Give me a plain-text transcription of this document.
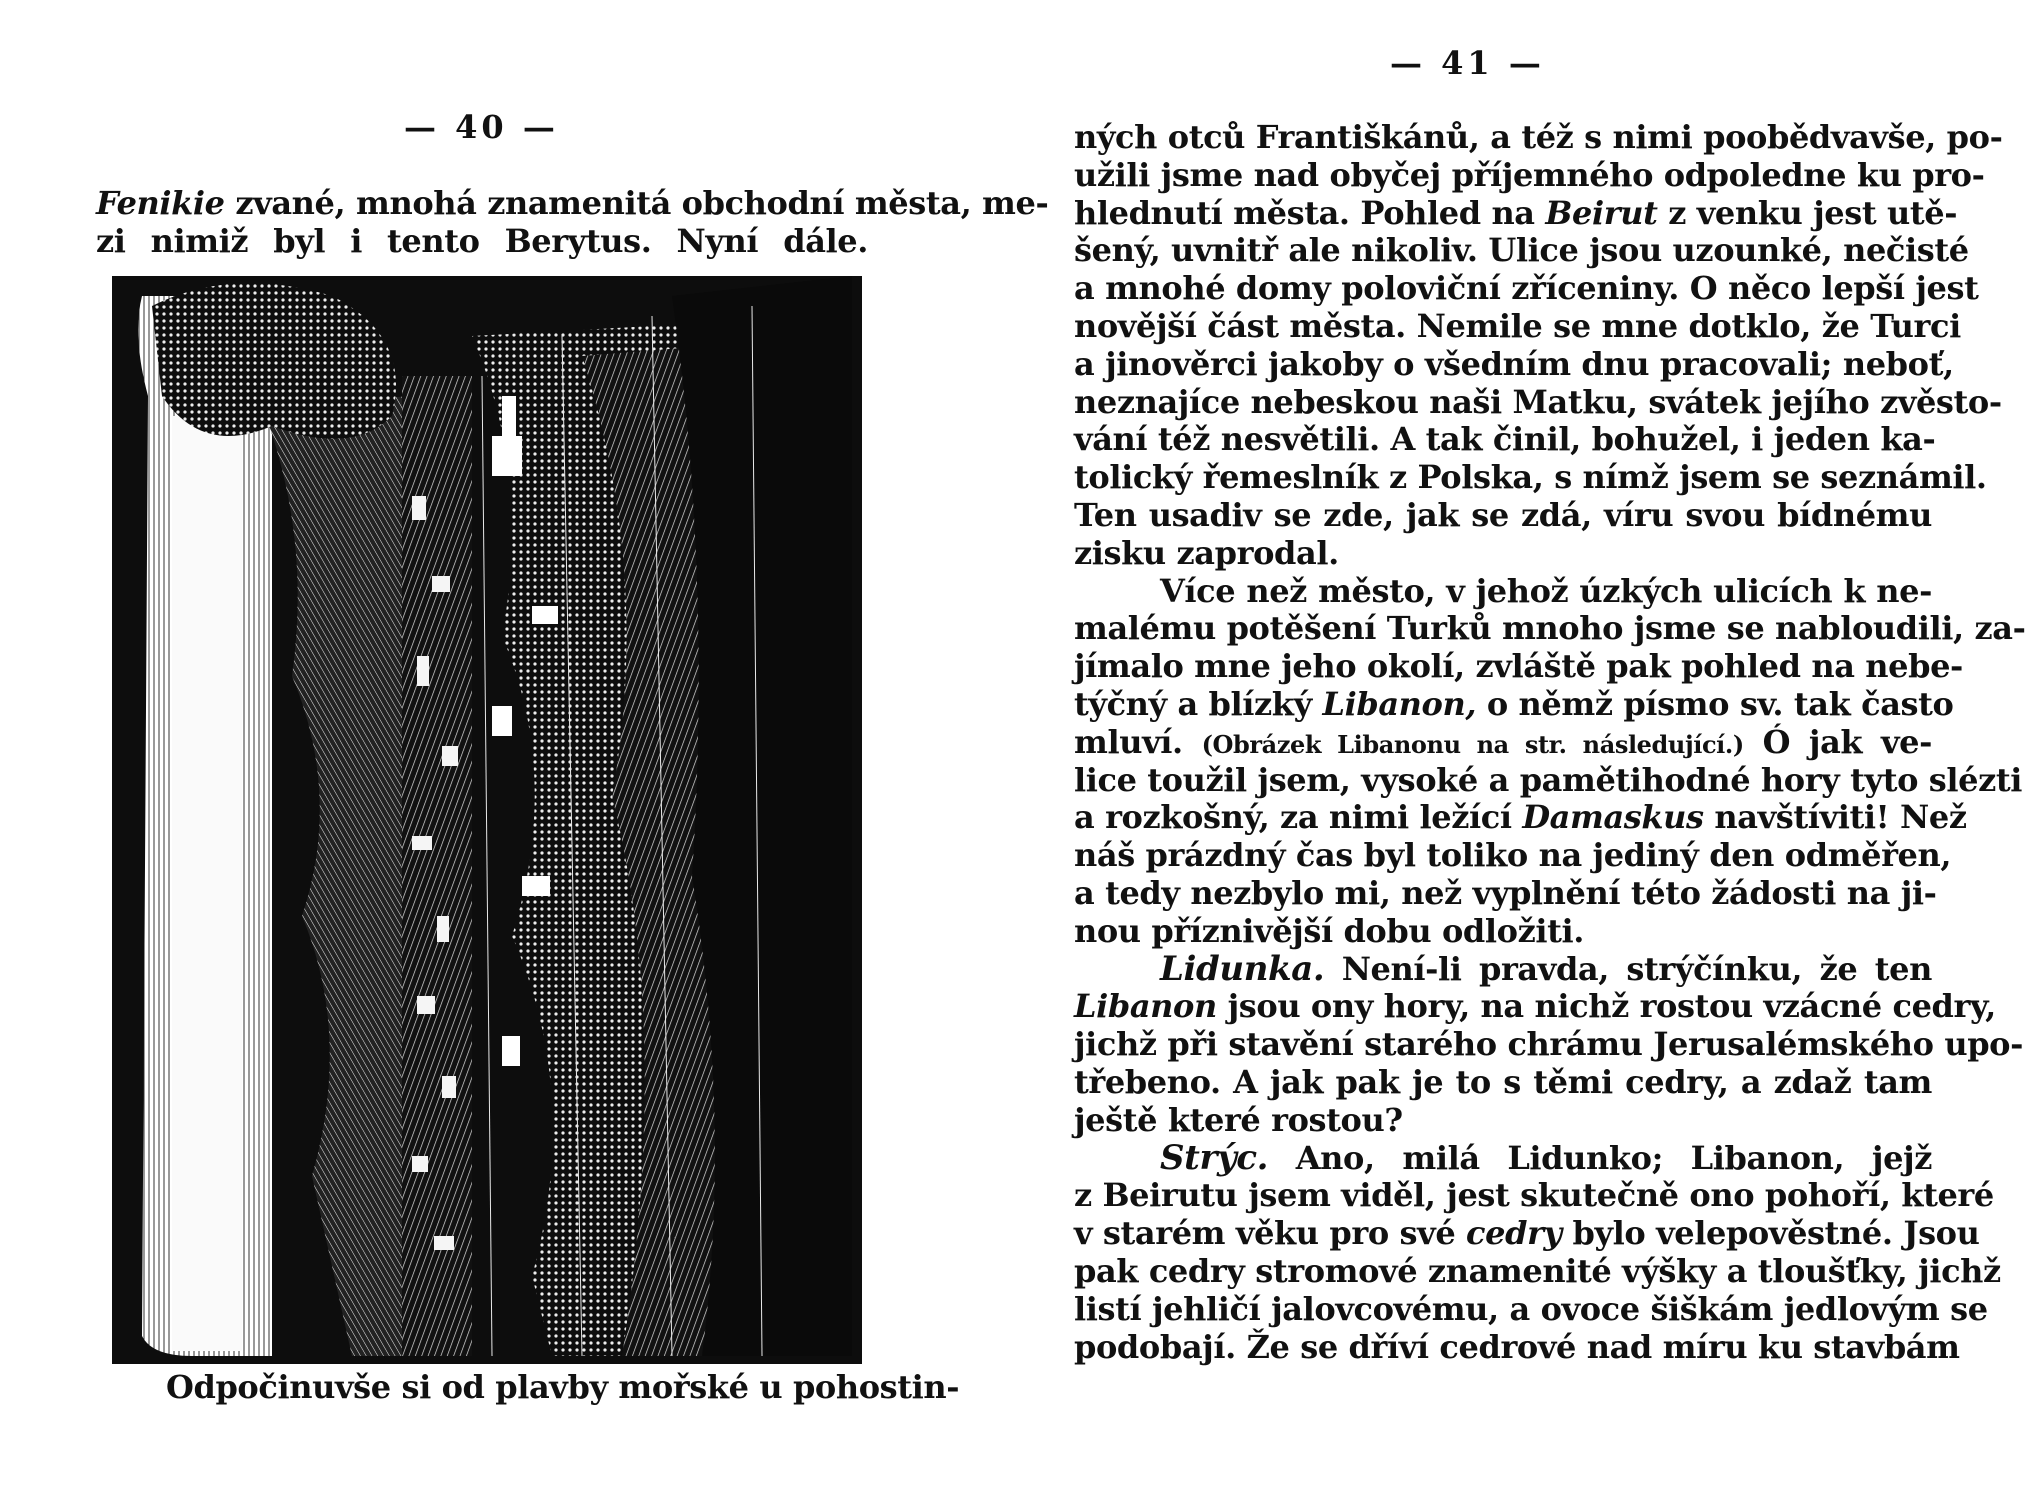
— 40 —
Fenikie zvané, mnohá znamenitá obchodní města, me-
zi nimiž byl i tento Berytus. Nyní dále.
Odpočinuvše si od plavby mořské u pohostin-
— 41 —
ných otců Františkánů, a též s nimi poobědvavše, po-
užili jsme nad obyčej příjemného odpoledne ku pro-
hlednutí města. Pohled na Beirut z venku jest utě-
šený, uvnitř ale nikoliv. Ulice jsou uzounké, nečisté
a mnohé domy poloviční zříceniny. O něco lepší jest
novější část města. Nemile se mne dotklo, že Turci
a jinověrci jakoby o všedním dnu pracovali; neboť,
neznajíce nebeskou naši Matku, svátek jejího zvěsto-
vání též nesvětili. A tak činil, bohužel, i jeden ka-
tolický řemeslník z Polska, s nímž jsem se seznámil.
Ten usadiv se zde, jak se zdá, víru svou bídnému
zisku zaprodal.
Více než město, v jehož úzkých ulicích k ne-
malému potěšení Turků mnoho jsme se nabloudili, za-
jímalo mne jeho okolí, zvláště pak pohled na nebe-
týčný a blízký Libanon, o němž písmo sv. tak často
mluví. (Obrázek Libanonu na str. následující.) Ó jak ve-
lice toužil jsem, vysoké a pamětihodné hory tyto slézti
a rozkošný, za nimi ležící Damaskus navštíviti! Než
náš prázdný čas byl toliko na jediný den odměřen,
a tedy nezbylo mi, než vyplnění této žádosti na ji-
nou příznivější dobu odložiti.
Lidunka. Není-li pravda, strýčínku, že ten
Libanon jsou ony hory, na nichž rostou vzácné cedry,
jichž při stavění starého chrámu Jerusalémského upo-
třebeno. A jak pak je to s těmi cedry, a zdaž tam
ještě které rostou?
Strýc. Ano, milá Lidunko; Libanon, jejž
z Beirutu jsem viděl, jest skutečně ono pohoří, které
v starém věku pro své cedry bylo velepověstné. Jsou
pak cedry stromové znamenité výšky a tloušťky, jichž
listí jehličí jalovcovému, a ovoce šiškám jedlovým se
podobají. Že se dříví cedrové nad míru ku stavbám
